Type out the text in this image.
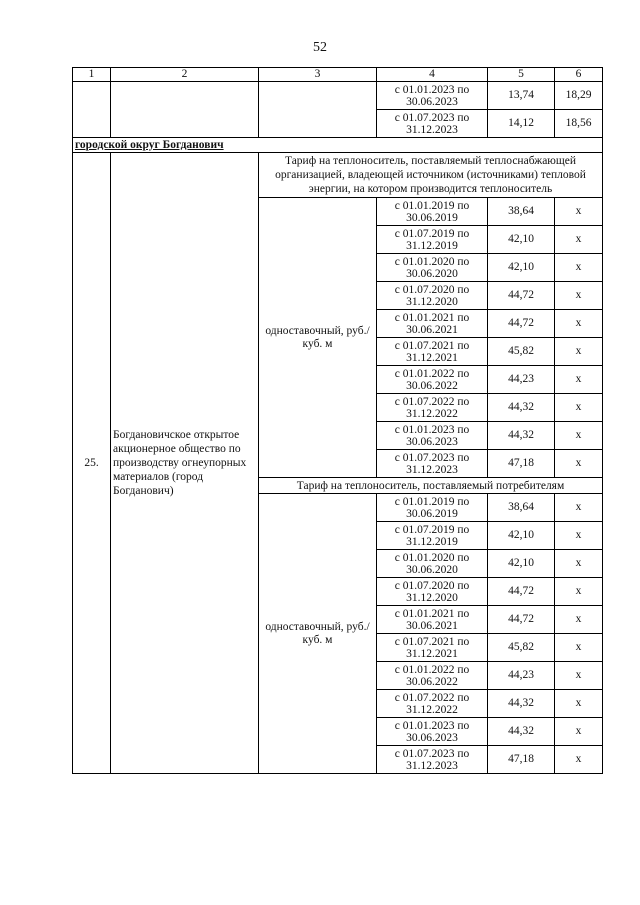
52
1	2	3	4	5	6
			с 01.01.2023 по 30.06.2023	13,74	18,29
			с 01.07.2023 по 31.12.2023	14,12	18,56
городской округ Богданович					
25.	Богдановичское открытое акционерное общество по производству огнеупорных материалов (город Богданович)	Тариф на теплоноситель, поставляемый теплоснабжающей организацией, владеющей источником (источниками) тепловой энергии, на котором производится теплоноситель			
		одноставочный, руб./куб. м	с 01.01.2019 по 30.06.2019	38,64	x
			с 01.07.2019 по 31.12.2019	42,10	x
			с 01.01.2020 по 30.06.2020	42,10	x
			с 01.07.2020 по 31.12.2020	44,72	x
			с 01.01.2021 по 30.06.2021	44,72	x
			с 01.07.2021 по 31.12.2021	45,82	x
			с 01.01.2022 по 30.06.2022	44,23	x
			с 01.07.2022 по 31.12.2022	44,32	x
			с 01.01.2023 по 30.06.2023	44,32	x
			с 01.07.2023 по 31.12.2023	47,18	x
		Тариф на теплоноситель, поставляемый потребителям			
		одноставочный, руб./куб. м	с 01.01.2019 по 30.06.2019	38,64	x
			с 01.07.2019 по 31.12.2019	42,10	x
			с 01.01.2020 по 30.06.2020	42,10	x
			с 01.07.2020 по 31.12.2020	44,72	x
			с 01.01.2021 по 30.06.2021	44,72	x
			с 01.07.2021 по 31.12.2021	45,82	x
			с 01.01.2022 по 30.06.2022	44,23	x
			с 01.07.2022 по 31.12.2022	44,32	x
			с 01.01.2023 по 30.06.2023	44,32	x
			с 01.07.2023 по 31.12.2023	47,18	x
